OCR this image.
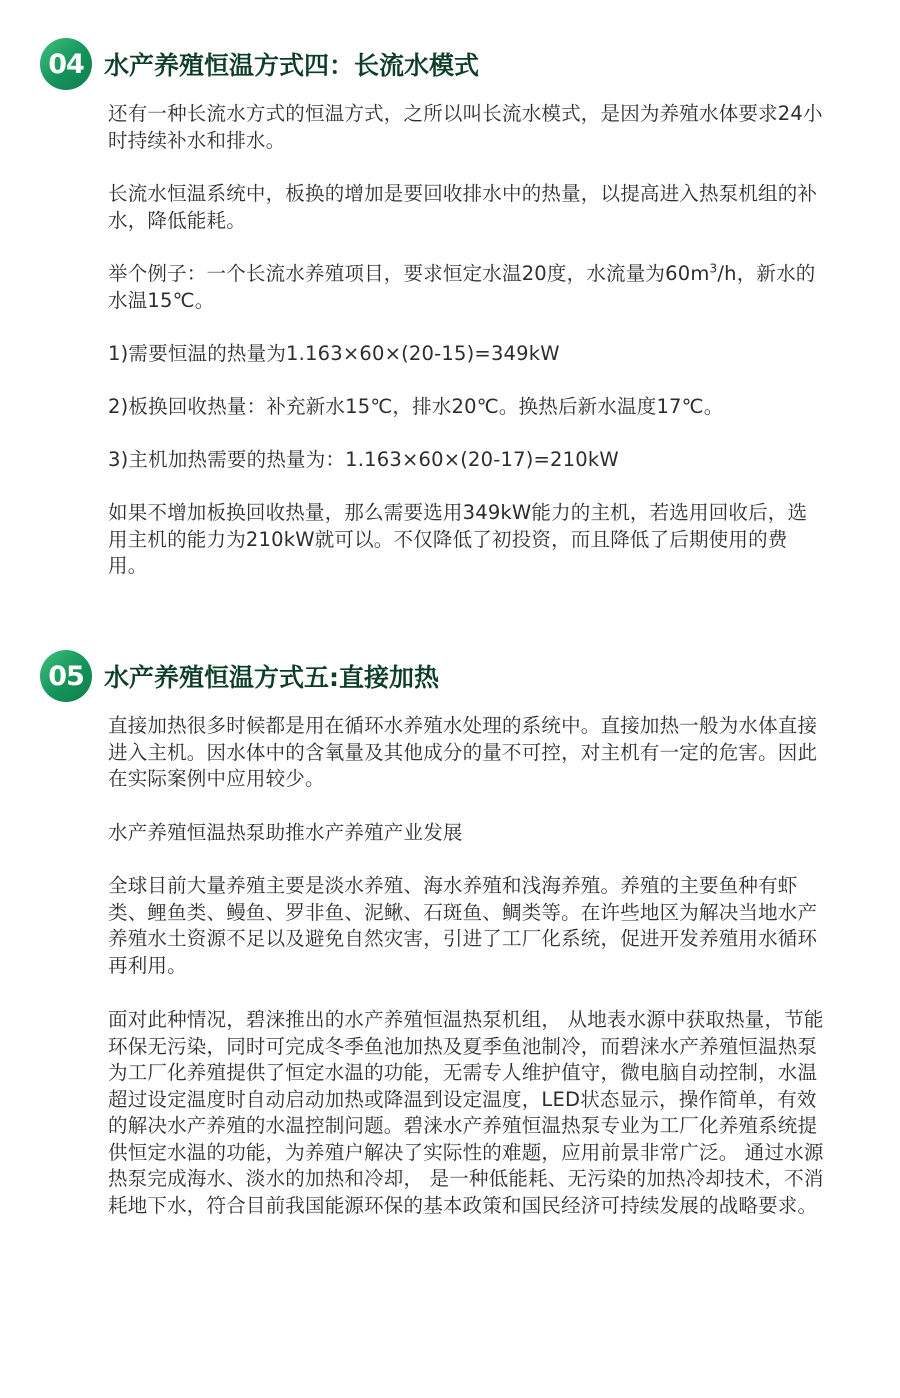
04 水产养殖恒温方式四：长流水模式

还有一种长流水方式的恒温方式，之所以叫长流水模式，是因为养殖水体要求24小时持续补水和排水。

长流水恒温系统中，板换的增加是要回收排水中的热量，以提高进入热泵机组的补水，降低能耗。

举个例子：一个长流水养殖项目，要求恒定水温20度，水流量为$60m^3/h$，新水的水温15℃。

1)需要恒温的热量为1.163×60×(20-15)=349kW

2)板换回收热量：补充新水15℃，排水20℃。换热后新水温度17℃。

3)主机加热需要的热量为：1.163×60×(20-17)=210kW

如果不增加板换回收热量，那么需要选用349kW能力的主机，若选用回收后，选用主机的能力为210kW就可以。不仅降低了初投资，而且降低了后期使用的费用。

05 水产养殖恒温方式五:直接加热

直接加热很多时候都是用在循环水养殖水处理的系统中。直接加热一般为水体直接进入主机。因水体中的含氧量及其他成分的量不可控，对主机有一定的危害。因此在实际案例中应用较少。

水产养殖恒温热泵助推水产养殖产业发展

全球目前大量养殖主要是淡水养殖、海水养殖和浅海养殖。养殖的主要鱼种有虾类、鲤鱼类、鳗鱼、罗非鱼、泥鳅、石斑鱼、鲷类等。在许些地区为解决当地水产养殖水土资源不足以及避免自然灾害，引进了工厂化系统，促进开发养殖用水循环再利用。

面对此种情况，碧涞推出的水产养殖恒温热泵机组， 从地表水源中获取热量，节能环保无污染，同时可完成冬季鱼池加热及夏季鱼池制冷，而碧涞水产养殖恒温热泵为工厂化养殖提供了恒定水温的功能，无需专人维护值守，微电脑自动控制，水温超过设定温度时自动启动加热或降温到设定温度，LED状态显示，操作简单，有效的解决水产养殖的水温控制问题。碧涞水产养殖恒温热泵专业为工厂化养殖系统提供恒定水温的功能，为养殖户解决了实际性的难题，应用前景非常广泛。 通过水源热泵完成海水、淡水的加热和冷却， 是一种低能耗、无污染的加热冷却技术，不消耗地下水，符合目前我国能源环保的基本政策和国民经济可持续发展的战略要求。
